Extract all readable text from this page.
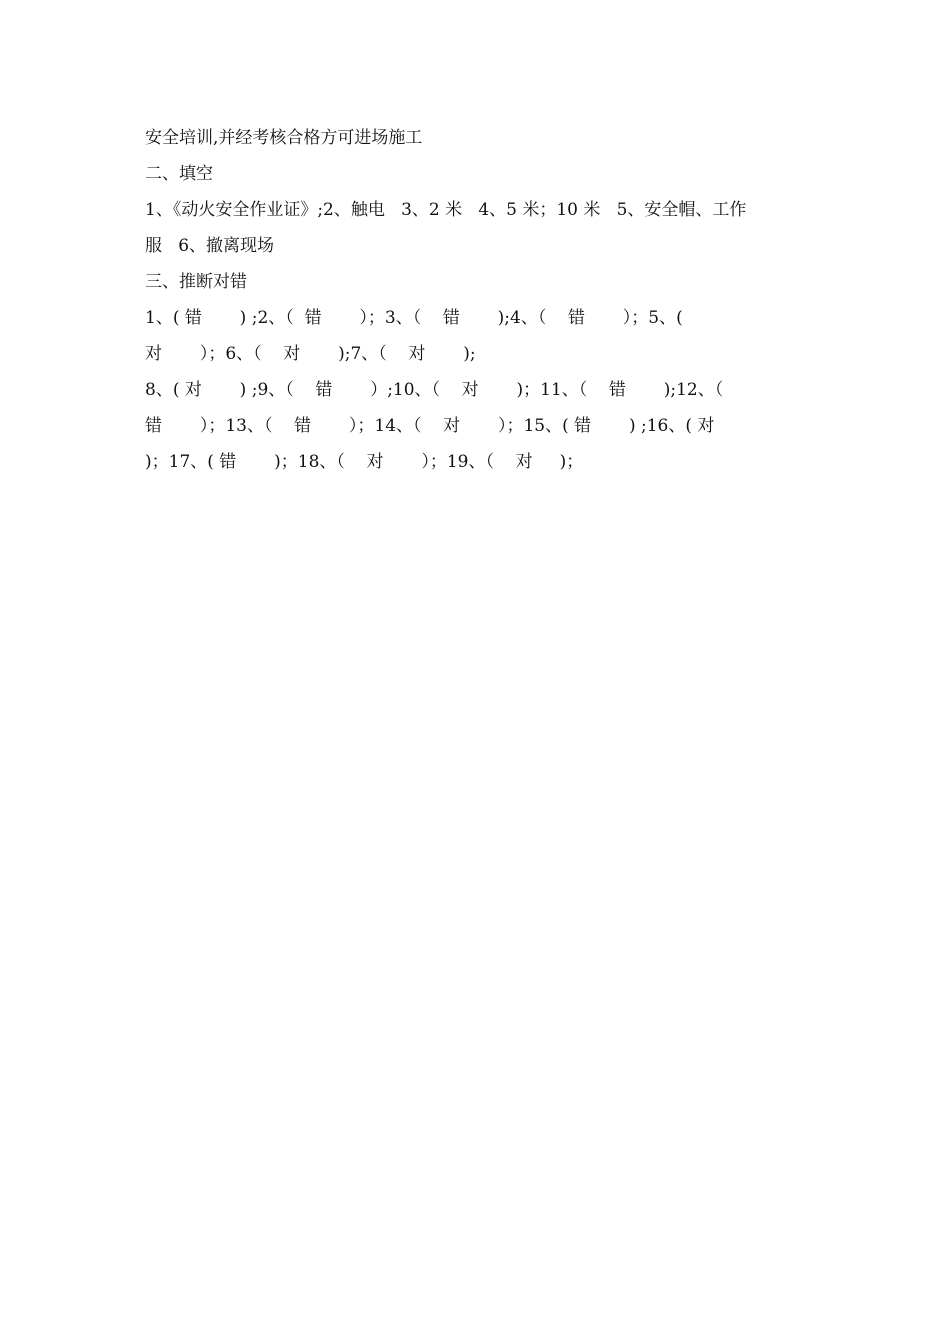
安全培训,并经考核合格方可进场施工
二、填空
1、《动火安全作业证》;2、触电   3、2 米   4、5 米；10 米   5、安全帽、工作
服   6、撤离现场
三、推断对错
1、( 错       ) ;2、（  错       ）；3、（    错       );4、（    错       ）；5、(
对       ）；6、（    对       );7、（    对       );
8、( 对       ) ;9、（    错       ）;10、（    对       )；11、（    错       );12、（
错       ）；13、（    错       ）；14、（    对       ）；15、( 错       ) ;16、( 对
)；17、( 错       )；18、（    对       ）；19、（    对     )；
